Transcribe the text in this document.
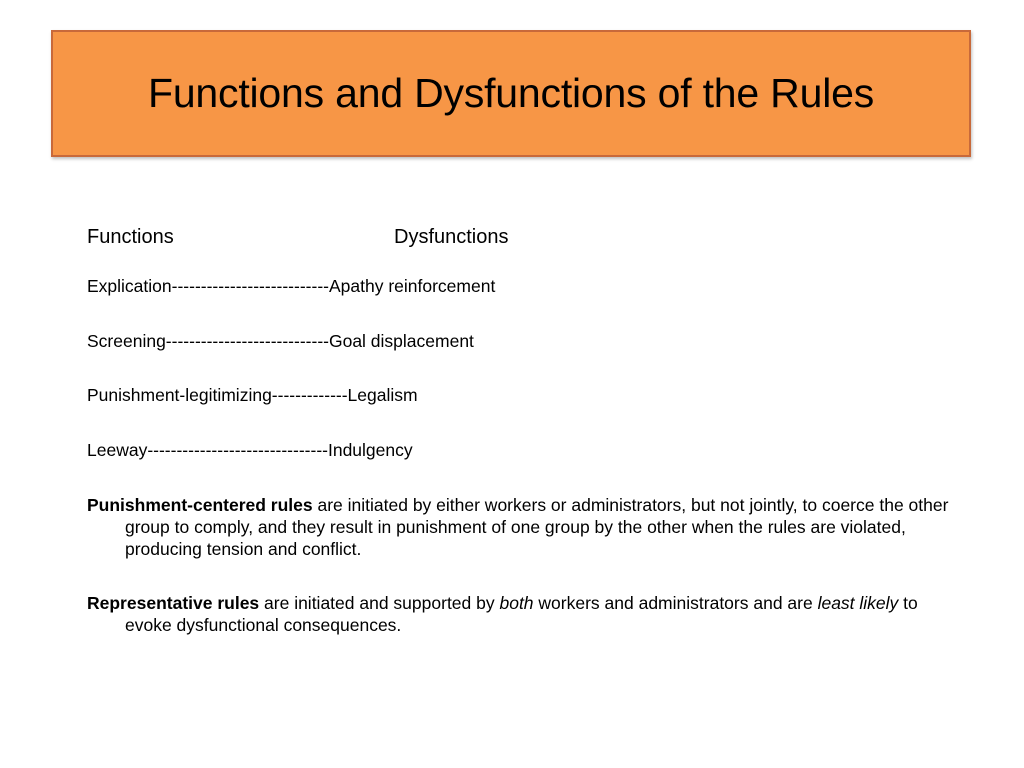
Functions and Dysfunctions of the Rules
Functions	Dysfunctions
Explication---------------------------Apathy reinforcement
Screening----------------------------Goal displacement
Punishment-legitimizing-------------Legalism
Leeway-------------------------------Indulgency
Punishment-centered rules are initiated by either workers or administrators, but not jointly, to coerce the other group to comply, and they result in punishment of one group by the other when the rules are violated, producing tension and conflict.
Representative rules are initiated and supported by both workers and administrators and are least likely to evoke dysfunctional consequences.
